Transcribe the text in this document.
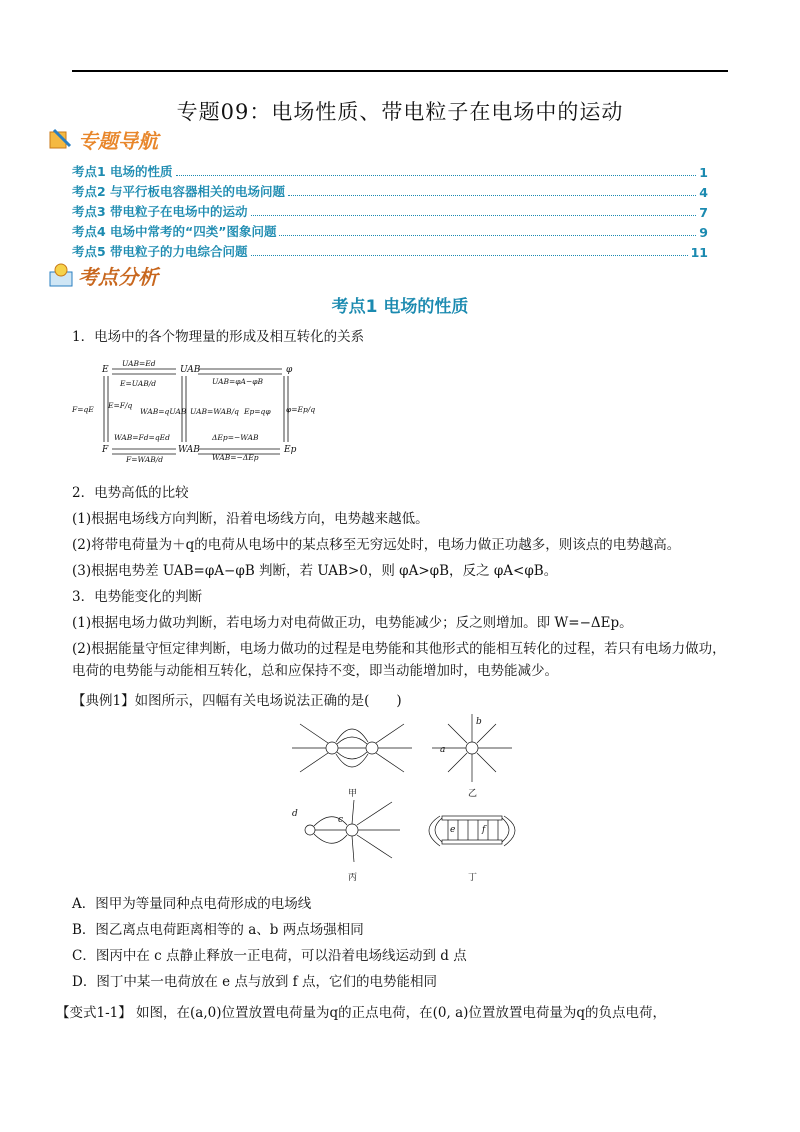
专题09：电场性质、带电粒子在电场中的运动
专题导航
考点1 电场的性质	1
考点2 与平行板电容器相关的电场问题	4
考点3 带电粒子在电场中的运动	7
考点4 电场中常考的“四类”图象问题	9
考点5 带电粒子的力电综合问题	11
考点分析
考点1 电场的性质
1．电场中的各个物理量的形成及相互转化的关系
E	UAB	φ
F	WAB	Ep
UAB=Ed
E=UAB/d	UAB=φA−φB
F=qE E=F/q
WAB=qUAB UAB=WAB/q Ep=qφ φ=Ep/q
WAB=Fd=qEd
F=WAB/d
ΔEp=−WAB
WAB=−ΔEp
2．电势高低的比较
(1)根据电场线方向判断，沿着电场线方向，电势越来越低。
(2)将带电荷量为＋q的电荷从电场中的某点移至无穷远处时，电场力做正功越多，则该点的电势越高。
(3)根据电势差 UAB=φA−φB 判断，若 UAB>0，则 φA>φB，反之 φA<φB。
3．电势能变化的判断
(1)根据电场力做功判断，若电场力对电荷做正功，电势能减少；反之则增加。即 W=−ΔEp。
(2)根据能量守恒定律判断，电场力做功的过程是电势能和其他形式的能相互转化的过程，若只有电场力做功，电荷的电势能与动能相互转化，总和应保持不变，即当动能增加时，电势能减少。
【典例1】如图所示，四幅有关电场说法正确的是(　　)
甲	乙
丙	丁
a
b
c
d
e	f
A．图甲为等量同种点电荷形成的电场线
B．图乙离点电荷距离相等的 a、b 两点场强相同
C．图丙中在 c 点静止释放一正电荷，可以沿着电场线运动到 d 点
D．图丁中某一电荷放在 e 点与放到 f 点，它们的电势能相同
【变式1-1】 如图，在(a,0)位置放置电荷量为q的正点电荷，在(0, a)位置放置电荷量为q的负点电荷，
